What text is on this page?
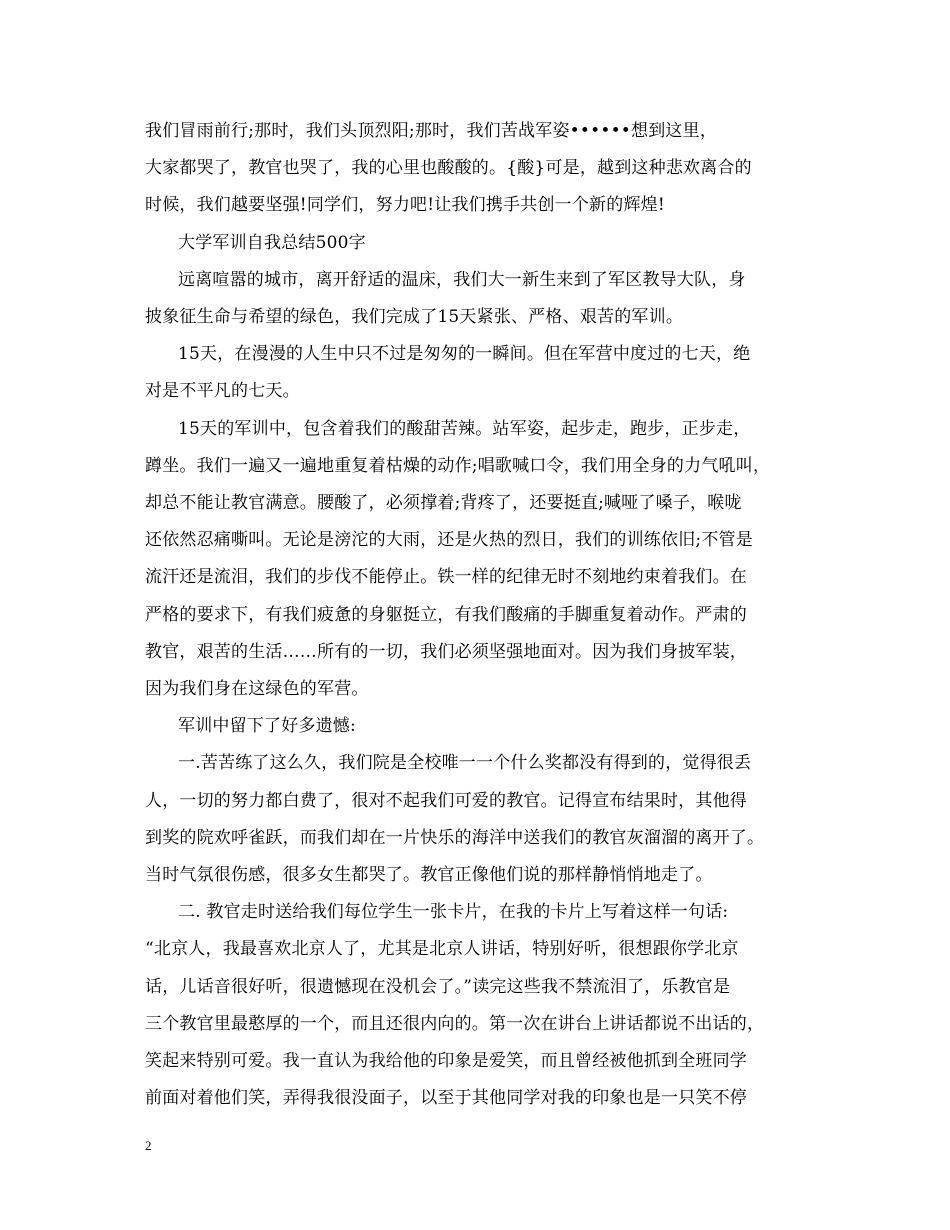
我们冒雨前行;那时，我们头顶烈阳;那时，我们苦战军姿••••••想到这里，
大家都哭了，教官也哭了，我的心里也酸酸的。{酸}可是，越到这种悲欢离合的
时候，我们越要坚强!同学们，努力吧!让我们携手共创一个新的辉煌!
大学军训自我总结500字
远离喧嚣的城市，离开舒适的温床，我们大一新生来到了军区教导大队，身
披象征生命与希望的绿色，我们完成了15天紧张、严格、艰苦的军训。
15天，在漫漫的人生中只不过是匆匆的一瞬间。但在军营中度过的七天，绝
对是不平凡的七天。
15天的军训中，包含着我们的酸甜苦辣。站军姿，起步走，跑步，正步走，
蹲坐。我们一遍又一遍地重复着枯燥的动作;唱歌喊口令，我们用全身的力气吼叫，
却总不能让教官满意。腰酸了，必须撑着;背疼了，还要挺直;喊哑了嗓子，喉咙
还依然忍痛嘶叫。无论是滂沱的大雨，还是火热的烈日，我们的训练依旧;不管是
流汗还是流泪，我们的步伐不能停止。铁一样的纪律无时不刻地约束着我们。在
严格的要求下，有我们疲惫的身躯挺立，有我们酸痛的手脚重复着动作。严肃的
教官，艰苦的生活……所有的一切，我们必须坚强地面对。因为我们身披军装，
因为我们身在这绿色的军营。
军训中留下了好多遗憾:
一.苦苦练了这么久，我们院是全校唯一一个什么奖都没有得到的，觉得很丢
人，一切的努力都白费了，很对不起我们可爱的教官。记得宣布结果时，其他得
到奖的院欢呼雀跃，而我们却在一片快乐的海洋中送我们的教官灰溜溜的离开了。
当时气氛很伤感，很多女生都哭了。教官正像他们说的那样静悄悄地走了。
二. 教官走时送给我们每位学生一张卡片，在我的卡片上写着这样一句话:
“北京人，我最喜欢北京人了，尤其是北京人讲话，特别好听，很想跟你学北京
话，儿话音很好听，很遗憾现在没机会了。”读完这些我不禁流泪了，乐教官是
三个教官里最憨厚的一个，而且还很内向的。第一次在讲台上讲话都说不出话的，
笑起来特别可爱。我一直认为我给他的印象是爱笑，而且曾经被他抓到全班同学
前面对着他们笑，弄得我很没面子，以至于其他同学对我的印象也是一只笑不停
2
